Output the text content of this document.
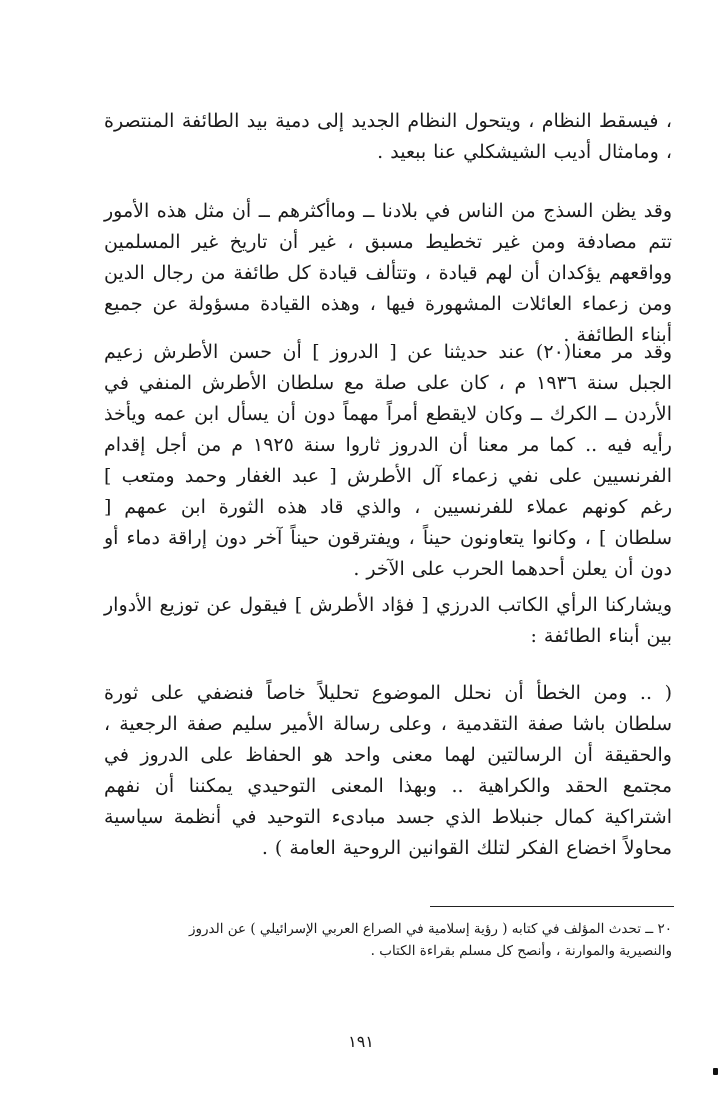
، فيسقط النظام ، ويتحول النظام الجديد إلى دمية بيد الطائفة المنتصرة ، ومامثال أديب الشيشكلي عنا ببعيد .

وقد يظن السذج من الناس في بلادنا ــ وماأكثرهم ــ أن مثل هذه الأمور تتم مصادفة ومن غير تخطيط مسبق ، غير أن تاريخ غير المسلمين وواقعهم يؤكدان أن لهم قيادة ، وتتألف قيادة كل طائفة من رجال الدين ومن زعماء العائلات المشهورة فيها ، وهذه القيادة مسؤولة عن جميع أبناء الطائفة .

وقد مر معنا(٢٠) عند حديثنا عن [ الدروز ] أن حسن الأطرش زعيم الجبل سنة ١٩٣٦ م ، كان على صلة مع سلطان الأطرش المنفي في الأردن ــ الكرك ــ وكان لايقطع أمراً مهماً دون أن يسأل ابن عمه ويأخذ رأيه فيه .. كما مر معنا أن الدروز ثاروا سنة ١٩٢٥ م من أجل إقدام الفرنسيين على نفي زعماء آل الأطرش [ عبد الغفار وحمد ومتعب ] رغم كونهم عملاء للفرنسيين ، والذي قاد هذه الثورة ابن عمهم [ سلطان ] ، وكانوا يتعاونون حيناً ، ويفترقون حيناً آخر دون إراقة دماء أو دون أن يعلن أحدهما الحرب على الآخر .

ويشاركنا الرأي الكاتب الدرزي [ فؤاد الأطرش ] فيقول عن توزيع الأدوار بين أبناء الطائفة :

( .. ومن الخطأ أن نحلل الموضوع تحليلاً خاصاً فنضفي على ثورة سلطان باشا صفة التقدمية ، وعلى رسالة الأمير سليم صفة الرجعية ، والحقيقة أن الرسالتين لهما معنى واحد هو الحفاظ على الدروز في مجتمع الحقد والكراهية .. وبهذا المعنى التوحيدي يمكننا أن نفهم اشتراكية كمال جنبلاط الذي جسد مبادىء التوحيد في أنظمة سياسية محاولاً اخضاع الفكر لتلك القوانين الروحية العامة ) .

٢٠ ــ تحدث المؤلف في كتابه ( رؤية إسلامية في الصراع العربي الإسرائيلي ) عن الدروز والنصيرية والموارنة ، وأنصح كل مسلم بقراءة الكتاب .

١٩١
